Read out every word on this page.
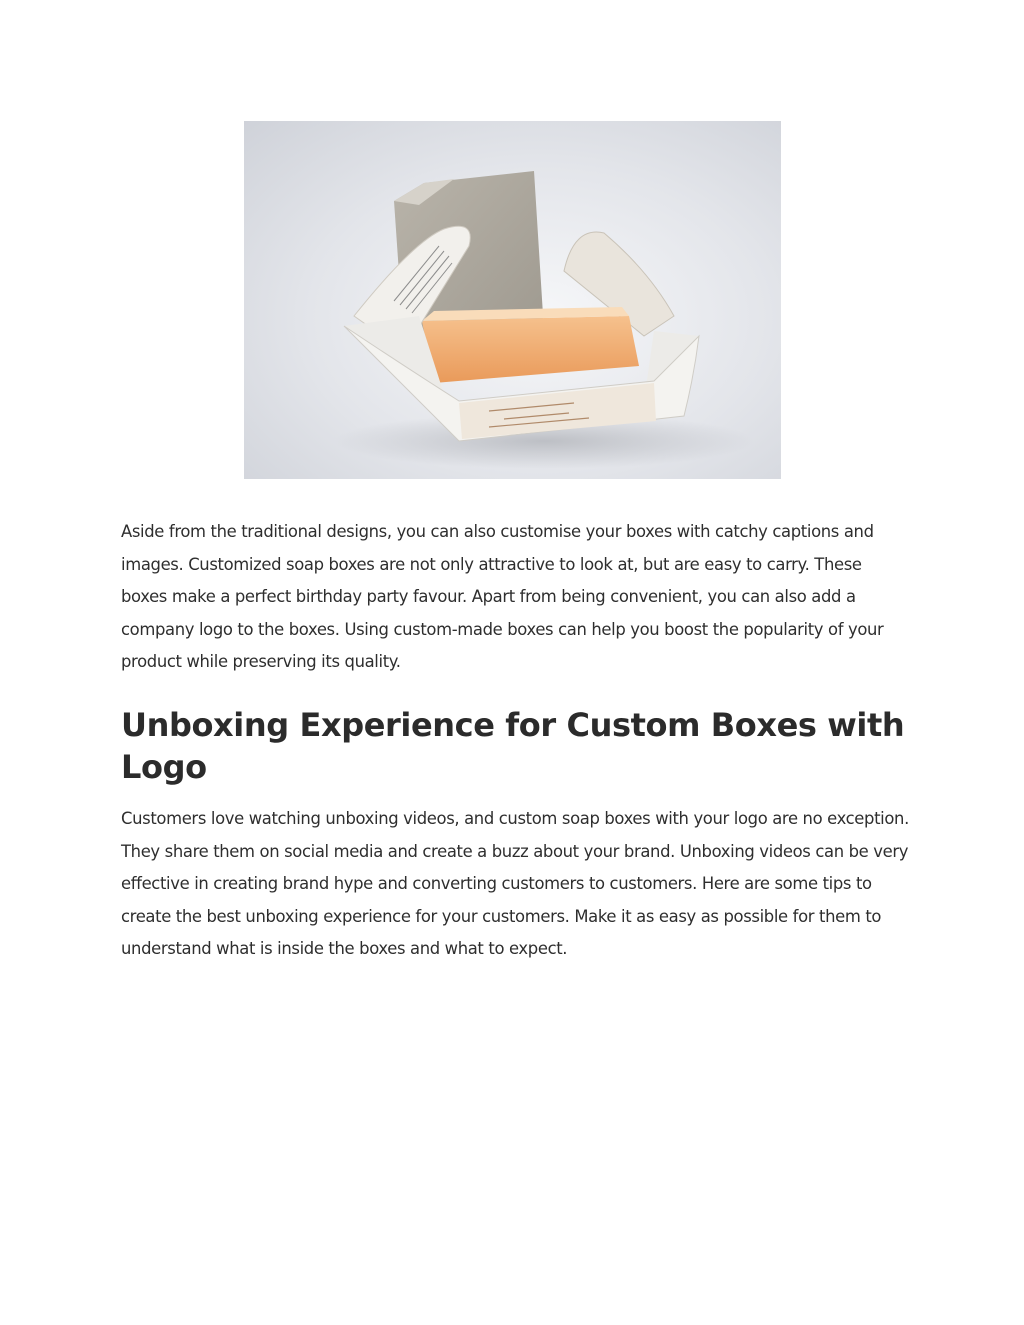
Aside from the traditional designs, you can also customise your boxes with catchy captions and images. Customized soap boxes are not only attractive to look at, but are easy to carry. These boxes make a perfect birthday party favour. Apart from being convenient, you can also add a company logo to the boxes. Using custom-made boxes can help you boost the popularity of your product while preserving its quality.

Unboxing Experience for Custom Boxes with Logo

Customers love watching unboxing videos, and custom soap boxes with your logo are no exception. They share them on social media and create a buzz about your brand. Unboxing videos can be very effective in creating brand hype and converting customers to customers. Here are some tips to create the best unboxing experience for your customers. Make it as easy as possible for them to understand what is inside the boxes and what to expect.
